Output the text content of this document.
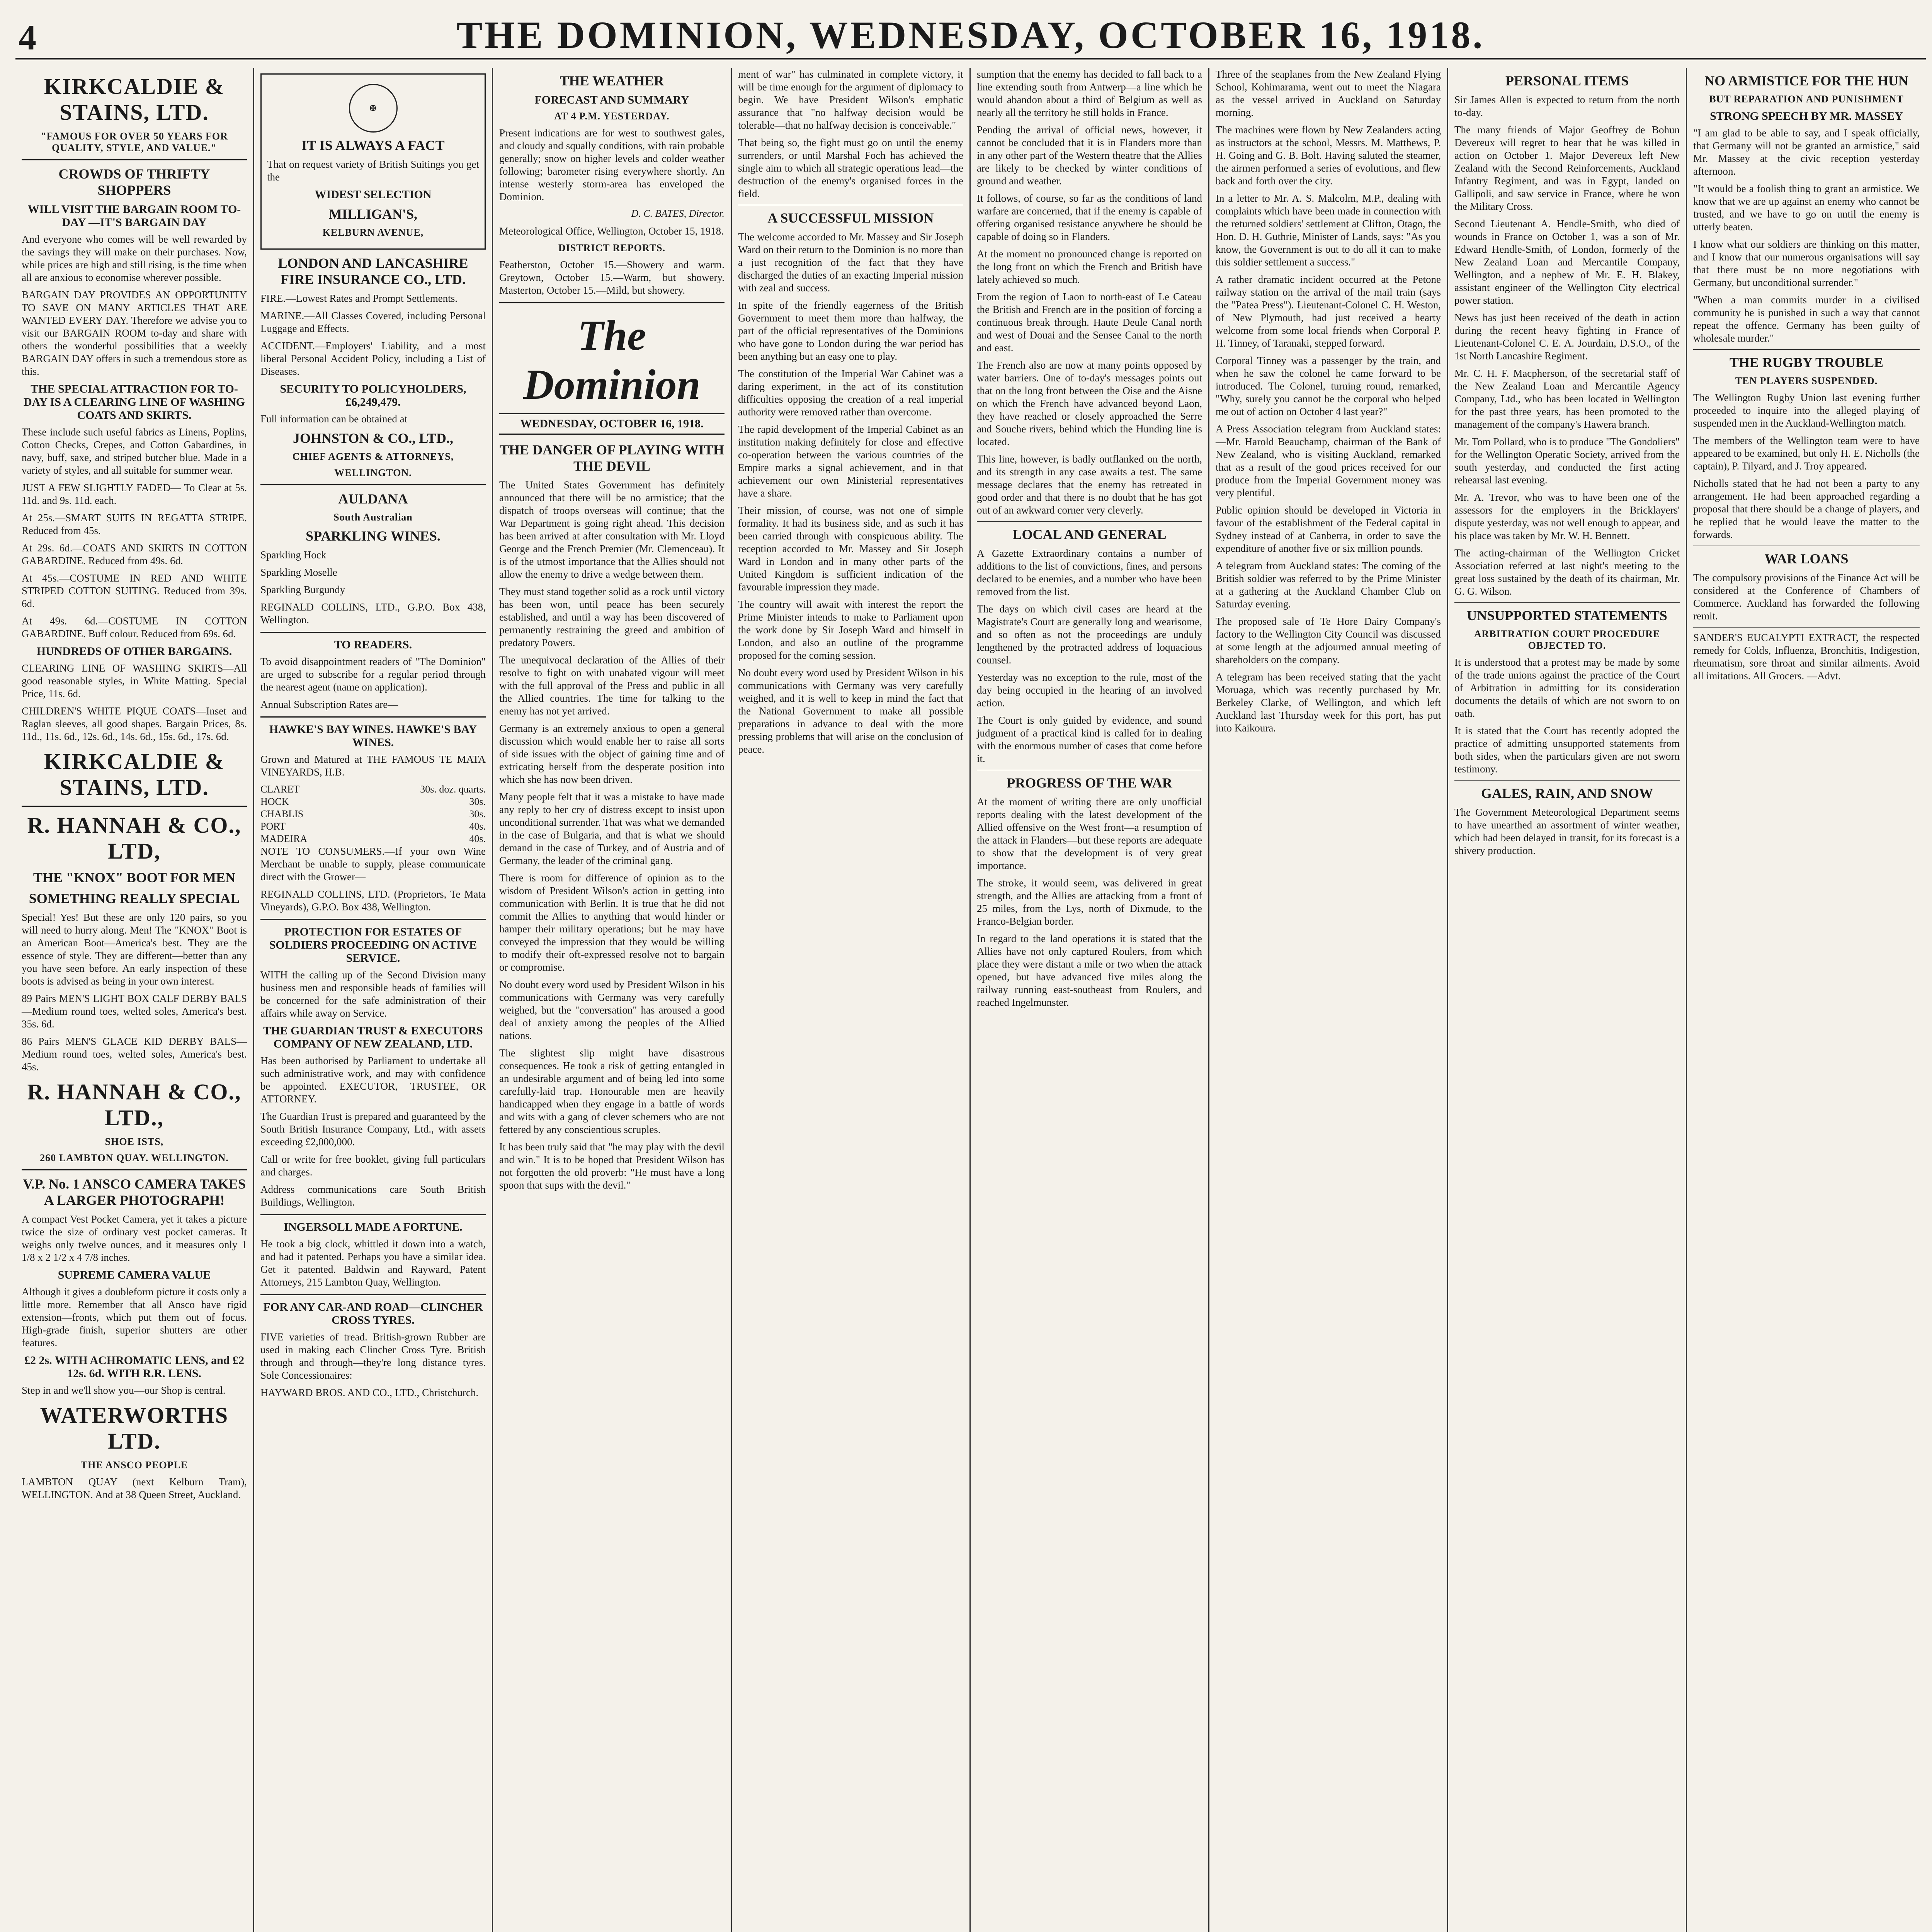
4	THE DOMINION, WEDNESDAY, OCTOBER 16, 1918.
KIRKCALDIE & STAINS, LTD.
"FAMOUS FOR OVER 50 YEARS FOR QUALITY, STYLE, AND VALUE."
CROWDS OF THRIFTY SHOPPERS
WILL VISIT THE BARGAIN ROOM TO-DAY —IT'S BARGAIN DAY

And everyone who comes will be well rewarded by the savings they will make on their purchases. Now, while prices are high and still rising, is the time when all are anxious to economise wherever possible.

BARGAIN DAY PROVIDES AN OPPORTUNITY TO SAVE ON MANY ARTICLES THAT ARE WANTED EVERY DAY. Therefore we advise you to visit our BARGAIN ROOM to-day and share with others the wonderful possibilities that a weekly BARGAIN DAY offers in such a tremendous store as this.

THE SPECIAL ATTRACTION FOR TO-DAY IS A CLEARING LINE OF WASHING COATS AND SKIRTS.

These include such useful fabrics as Linens, Poplins, Cotton Checks, Crepes, and Cotton Gabardines, in navy, buff, saxe, and striped butcher blue. Made in a variety of styles, and all suitable for summer wear.

JUST A FEW SLIGHTLY FADED— To Clear at 5s. 11d. and 9s. 11d. each.

At 25s.—SMART SUITS IN REGATTA STRIPE. Reduced from 45s.

At 29s. 6d.—COATS AND SKIRTS IN COTTON GABARDINE. Reduced from 49s. 6d.

At 45s.—COSTUME IN RED AND WHITE STRIPED COTTON SUITING. Reduced from 39s. 6d.

At 49s. 6d.—COSTUME IN COTTON GABARDINE. Buff colour. Reduced from 69s. 6d.

HUNDREDS OF OTHER BARGAINS.

CLEARING LINE OF WASHING SKIRTS—All good reasonable styles, in White Matting. Special Price, 11s. 6d.

CHILDREN'S WHITE PIQUE COATS—Inset and Raglan sleeves, all good shapes. Bargain Prices, 8s. 11d., 11s. 6d., 12s. 6d., 14s. 6d., 15s. 6d., 17s. 6d.

KIRKCALDIE & STAINS, LTD.
R. HANNAH & CO., LTD,
THE "KNOX" BOOT FOR MEN
SOMETHING REALLY SPECIAL

Special! Yes! But these are only 120 pairs, so you will need to hurry along. Men! The "KNOX" Boot is an American Boot—America's best. They are the essence of style. They are different—better than any you have seen before. An early inspection of these boots is advised as being in your own interest.

89 Pairs MEN'S LIGHT BOX CALF DERBY BALS—Medium round toes, welted soles, America's best. 35s. 6d.

86 Pairs MEN'S GLACE KID DERBY BALS—Medium round toes, welted soles, America's best. 45s.

R. HANNAH & CO., LTD.,
SHOE ISTS,
260 LAMBTON QUAY. WELLINGTON.
V.P. No. 1 ANSCO CAMERA TAKES A LARGER PHOTOGRAPH!

A compact Vest Pocket Camera, yet it takes a picture twice the size of ordinary vest pocket cameras. It weighs only twelve ounces, and it measures only 1 1/8 x 2 1/2 x 4 7/8 inches.

SUPREME CAMERA VALUE

Although it gives a doubleform picture it costs only a little more. Remember that all Ansco have rigid extension—fronts, which put them out of focus. High-grade finish, superior shutters are other features.

£2 2s. WITH ACHROMATIC LENS, and £2 12s. 6d. WITH R.R. LENS.

Step in and we'll show you—our Shop is central.

WATERWORTHS LTD.
THE ANSCO PEOPLE

LAMBTON QUAY (next Kelburn Tram), WELLINGTON. And at 38 Queen Street, Auckland.

✠
IT IS ALWAYS A FACT

That on request variety of British Suitings you get the

WIDEST SELECTION
MILLIGAN'S,
KELBURN AVENUE,
LONDON AND LANCASHIRE FIRE INSURANCE CO., LTD.

FIRE.—Lowest Rates and Prompt Settlements.

MARINE.—All Classes Covered, including Personal Luggage and Effects.

ACCIDENT.—Employers' Liability, and a most liberal Personal Accident Policy, including a List of Diseases.

SECURITY TO POLICYHOLDERS, £6,249,479.

Full information can be obtained at

JOHNSTON & CO., LTD.,
CHIEF AGENTS & ATTORNEYS,
WELLINGTON.
AULDANA
South Australian
SPARKLING WINES.

Sparkling Hock

Sparkling Moselle

Sparkling Burgundy

REGINALD COLLINS, LTD., G.P.O. Box 438, Wellington.

TO READERS.

To avoid disappointment readers of "The Dominion" are urged to subscribe for a regular period through the nearest agent (name on application).

Annual Subscription Rates are—

HAWKE'S BAY WINES. HAWKE'S BAY WINES.

Grown and Matured at THE FAMOUS TE MATA VINEYARDS, H.B.

CLARET	30s. doz. quarts.
HOCK	30s.
CHABLIS	30s.
PORT	40s.
MADEIRA	40s.

NOTE TO CONSUMERS.—If your own Wine Merchant be unable to supply, please communicate direct with the Grower—

REGINALD COLLINS, LTD. (Proprietors, Te Mata Vineyards), G.P.O. Box 438, Wellington.

PROTECTION FOR ESTATES OF SOLDIERS PROCEEDING ON ACTIVE SERVICE.

WITH the calling up of the Second Division many business men and responsible heads of families will be concerned for the safe administration of their affairs while away on Service.

THE GUARDIAN TRUST & EXECUTORS COMPANY OF NEW ZEALAND, LTD.

Has been authorised by Parliament to undertake all such administrative work, and may with confidence be appointed. EXECUTOR, TRUSTEE, OR ATTORNEY.

The Guardian Trust is prepared and guaranteed by the South British Insurance Company, Ltd., with assets exceeding £2,000,000.

Call or write for free booklet, giving full particulars and charges.

Address communications care South British Buildings, Wellington.

INGERSOLL MADE A FORTUNE.

He took a big clock, whittled it down into a watch, and had it patented. Perhaps you have a similar idea. Get it patented. Baldwin and Rayward, Patent Attorneys, 215 Lambton Quay, Wellington.

FOR ANY CAR-AND ROAD—CLINCHER CROSS TYRES.

FIVE varieties of tread. British-grown Rubber are used in making each Clincher Cross Tyre. British through and through—they're long distance tyres. Sole Concessionaires:

HAYWARD BROS. AND CO., LTD., Christchurch.

THE WEATHER
FORECAST AND SUMMARY
AT 4 P.M. YESTERDAY.

Present indications are for west to southwest gales, and cloudy and squally conditions, with rain probable generally; snow on higher levels and colder weather following; barometer rising everywhere shortly. An intense westerly storm-area has enveloped the Dominion.

D. C. BATES, Director.

Meteorological Office, Wellington, October 15, 1918.

DISTRICT REPORTS.

Featherston, October 15.—Showery and warm. Greytown, October 15.—Warm, but showery. Masterton, October 15.—Mild, but showery.

The Dominion
WEDNESDAY, OCTOBER 16, 1918.
THE DANGER OF PLAYING WITH THE DEVIL

The United States Government has definitely announced that there will be no armistice; that the dispatch of troops overseas will continue; that the War Department is going right ahead. This decision has been arrived at after consultation with Mr. Lloyd George and the French Premier (Mr. Clemenceau). It is of the utmost importance that the Allies should not allow the enemy to drive a wedge between them.

They must stand together solid as a rock until victory has been won, until peace has been securely established, and until a way has been discovered of permanently restraining the greed and ambition of predatory Powers.

The unequivocal declaration of the Allies of their resolve to fight on with unabated vigour will meet with the full approval of the Press and public in all the Allied countries. The time for talking to the enemy has not yet arrived.

Germany is an extremely anxious to open a general discussion which would enable her to raise all sorts of side issues with the object of gaining time and of extricating herself from the desperate position into which she has now been driven.

Many people felt that it was a mistake to have made any reply to her cry of distress except to insist upon unconditional surrender. That was what we demanded in the case of Bulgaria, and that is what we should demand in the case of Turkey, and of Austria and of Germany, the leader of the criminal gang.

There is room for difference of opinion as to the wisdom of President Wilson's action in getting into communication with Berlin. It is true that he did not commit the Allies to anything that would hinder or hamper their military operations; but he may have conveyed the impression that they would be willing to modify their oft-expressed resolve not to bargain or compromise.

No doubt every word used by President Wilson in his communications with Germany was very carefully weighed, but the "conversation" has aroused a good deal of anxiety among the peoples of the Allied nations.

The slightest slip might have disastrous consequences. He took a risk of getting entangled in an undesirable argument and of being led into some carefully-laid trap. Honourable men are heavily handicapped when they engage in a battle of words and wits with a gang of clever schemers who are not fettered by any conscientious scruples.

It has been truly said that "he may play with the devil and win." It is to be hoped that President Wilson has not forgotten the old proverb: "He must have a long spoon that sups with the devil."

ment of war" has culminated in complete victory, it will be time enough for the argument of diplomacy to begin. We have President Wilson's emphatic assurance that "no halfway decision would be tolerable—that no halfway decision is conceivable."

That being so, the fight must go on until the enemy surrenders, or until Marshal Foch has achieved the single aim to which all strategic operations lead—the destruction of the enemy's organised forces in the field.

A SUCCESSFUL MISSION

The welcome accorded to Mr. Massey and Sir Joseph Ward on their return to the Dominion is no more than a just recognition of the fact that they have discharged the duties of an exacting Imperial mission with zeal and success.

In spite of the friendly eagerness of the British Government to meet them more than halfway, the part of the official representatives of the Dominions who have gone to London during the war period has been anything but an easy one to play.

The constitution of the Imperial War Cabinet was a daring experiment, in the act of its constitution difficulties opposing the creation of a real imperial authority were removed rather than overcome.

The rapid development of the Imperial Cabinet as an institution making definitely for close and effective co-operation between the various countries of the Empire marks a signal achievement, and in that achievement our own Ministerial representatives have a share.

Their mission, of course, was not one of simple formality. It had its business side, and as such it has been carried through with conspicuous ability. The reception accorded to Mr. Massey and Sir Joseph Ward in London and in many other parts of the United Kingdom is sufficient indication of the favourable impression they made.

The country will await with interest the report the Prime Minister intends to make to Parliament upon the work done by Sir Joseph Ward and himself in London, and also an outline of the programme proposed for the coming session.

No doubt every word used by President Wilson in his communications with Germany was very carefully weighed, and it is well to keep in mind the fact that the National Government to make all possible preparations in advance to deal with the more pressing problems that will arise on the conclusion of peace.

sumption that the enemy has decided to fall back to a line extending south from Antwerp—a line which he would abandon about a third of Belgium as well as nearly all the territory he still holds in France.

Pending the arrival of official news, however, it cannot be concluded that it is in Flanders more than in any other part of the Western theatre that the Allies are likely to be checked by winter conditions of ground and weather.

It follows, of course, so far as the conditions of land warfare are concerned, that if the enemy is capable of offering organised resistance anywhere he should be capable of doing so in Flanders.

At the moment no pronounced change is reported on the long front on which the French and British have lately achieved so much.

From the region of Laon to north-east of Le Cateau the British and French are in the position of forcing a continuous break through. Haute Deule Canal north and west of Douai and the Sensee Canal to the north and east.

The French also are now at many points opposed by water barriers. One of to-day's messages points out that on the long front between the Oise and the Aisne on which the French have advanced beyond Laon, they have reached or closely approached the Serre and Souche rivers, behind which the Hunding line is located.

This line, however, is badly outflanked on the north, and its strength in any case awaits a test. The same message declares that the enemy has retreated in good order and that there is no doubt that he has got out of an awkward corner very cleverly.

LOCAL AND GENERAL

A Gazette Extraordinary contains a number of additions to the list of convictions, fines, and persons declared to be enemies, and a number who have been removed from the list.

The days on which civil cases are heard at the Magistrate's Court are generally long and wearisome, and so often as not the proceedings are unduly lengthened by the protracted address of loquacious counsel.

Yesterday was no exception to the rule, most of the day being occupied in the hearing of an involved action.

The Court is only guided by evidence, and sound judgment of a practical kind is called for in dealing with the enormous number of cases that come before it.

PROGRESS OF THE WAR

At the moment of writing there are only unofficial reports dealing with the latest development of the Allied offensive on the West front—a resumption of the attack in Flanders—but these reports are adequate to show that the development is of very great importance.

The stroke, it would seem, was delivered in great strength, and the Allies are attacking from a front of 25 miles, from the Lys, north of Dixmude, to the Franco-Belgian border.

In regard to the land operations it is stated that the Allies have not only captured Roulers, from which place they were distant a mile or two when the attack opened, but have advanced five miles along the railway running east-southeast from Roulers, and reached Ingelmunster.

Three of the seaplanes from the New Zealand Flying School, Kohimarama, went out to meet the Niagara as the vessel arrived in Auckland on Saturday morning.

The machines were flown by New Zealanders acting as instructors at the school, Messrs. M. Matthews, P. H. Going and G. B. Bolt. Having saluted the steamer, the airmen performed a series of evolutions, and flew back and forth over the city.

In a letter to Mr. A. S. Malcolm, M.P., dealing with complaints which have been made in connection with the returned soldiers' settlement at Clifton, Otago, the Hon. D. H. Guthrie, Minister of Lands, says: "As you know, the Government is out to do all it can to make this soldier settlement a success."

A rather dramatic incident occurred at the Petone railway station on the arrival of the mail train (says the "Patea Press"). Lieutenant-Colonel C. H. Weston, of New Plymouth, had just received a hearty welcome from some local friends when Corporal P. H. Tinney, of Taranaki, stepped forward.

Corporal Tinney was a passenger by the train, and when he saw the colonel he came forward to be introduced. The Colonel, turning round, remarked, "Why, surely you cannot be the corporal who helped me out of action on October 4 last year?"

A Press Association telegram from Auckland states:—Mr. Harold Beauchamp, chairman of the Bank of New Zealand, who is visiting Auckland, remarked that as a result of the good prices received for our produce from the Imperial Government money was very plentiful.

Public opinion should be developed in Victoria in favour of the establishment of the Federal capital in Sydney instead of at Canberra, in order to save the expenditure of another five or six million pounds.

A telegram from Auckland states: The coming of the British soldier was referred to by the Prime Minister at a gathering at the Auckland Chamber Club on Saturday evening.

The proposed sale of Te Hore Dairy Company's factory to the Wellington City Council was discussed at some length at the adjourned annual meeting of shareholders on the company.

A telegram has been received stating that the yacht Moruaga, which was recently purchased by Mr. Berkeley Clarke, of Wellington, and which left Auckland last Thursday week for this port, has put into Kaikoura.

PERSONAL ITEMS

Sir James Allen is expected to return from the north to-day.

The many friends of Major Geoffrey de Bohun Devereux will regret to hear that he was killed in action on October 1. Major Devereux left New Zealand with the Second Reinforcements, Auckland Infantry Regiment, and was in Egypt, landed on Gallipoli, and saw service in France, where he won the Military Cross.

Second Lieutenant A. Hendle-Smith, who died of wounds in France on October 1, was a son of Mr. Edward Hendle-Smith, of London, formerly of the New Zealand Loan and Mercantile Company, Wellington, and a nephew of Mr. E. H. Blakey, assistant engineer of the Wellington City electrical power station.

News has just been received of the death in action during the recent heavy fighting in France of Lieutenant-Colonel C. E. A. Jourdain, D.S.O., of the 1st North Lancashire Regiment.

Mr. C. H. F. Macpherson, of the secretarial staff of the New Zealand Loan and Mercantile Agency Company, Ltd., who has been located in Wellington for the past three years, has been promoted to the management of the company's Hawera branch.

Mr. Tom Pollard, who is to produce "The Gondoliers" for the Wellington Operatic Society, arrived from the south yesterday, and conducted the first acting rehearsal last evening.

Mr. A. Trevor, who was to have been one of the assessors for the employers in the Bricklayers' dispute yesterday, was not well enough to appear, and his place was taken by Mr. W. H. Bennett.

The acting-chairman of the Wellington Cricket Association referred at last night's meeting to the great loss sustained by the death of its chairman, Mr. G. G. Wilson.

UNSUPPORTED STATEMENTS
ARBITRATION COURT PROCEDURE OBJECTED TO.

It is understood that a protest may be made by some of the trade unions against the practice of the Court of Arbitration in admitting for its consideration documents the details of which are not sworn to on oath.

It is stated that the Court has recently adopted the practice of admitting unsupported statements from both sides, when the particulars given are not sworn testimony.

GALES, RAIN, AND SNOW

The Government Meteorological Department seems to have unearthed an assortment of winter weather, which had been delayed in transit, for its forecast is a shivery production.

NO ARMISTICE FOR THE HUN
BUT REPARATION AND PUNISHMENT
STRONG SPEECH BY MR. MASSEY

"I am glad to be able to say, and I speak officially, that Germany will not be granted an armistice," said Mr. Massey at the civic reception yesterday afternoon.

"It would be a foolish thing to grant an armistice. We know that we are up against an enemy who cannot be trusted, and we have to go on until the enemy is utterly beaten.

I know what our soldiers are thinking on this matter, and I know that our numerous organisations will say that there must be no more negotiations with Germany, but unconditional surrender."

"When a man commits murder in a civilised community he is punished in such a way that cannot repeat the offence. Germany has been guilty of wholesale murder."

THE RUGBY TROUBLE
TEN PLAYERS SUSPENDED.

The Wellington Rugby Union last evening further proceeded to inquire into the alleged playing of suspended men in the Auckland-Wellington match.

The members of the Wellington team were to have appeared to be examined, but only H. E. Nicholls (the captain), P. Tilyard, and J. Troy appeared.

Nicholls stated that he had not been a party to any arrangement. He had been approached regarding a proposal that there should be a change of players, and he replied that he would leave the matter to the forwards.

WAR LOANS

The compulsory provisions of the Finance Act will be considered at the Conference of Chambers of Commerce. Auckland has forwarded the following remit.

SANDER'S EUCALYPTI EXTRACT, the respected remedy for Colds, Influenza, Bronchitis, Indigestion, rheumatism, sore throat and similar ailments. Avoid all imitations. All Grocers. —Advt.
